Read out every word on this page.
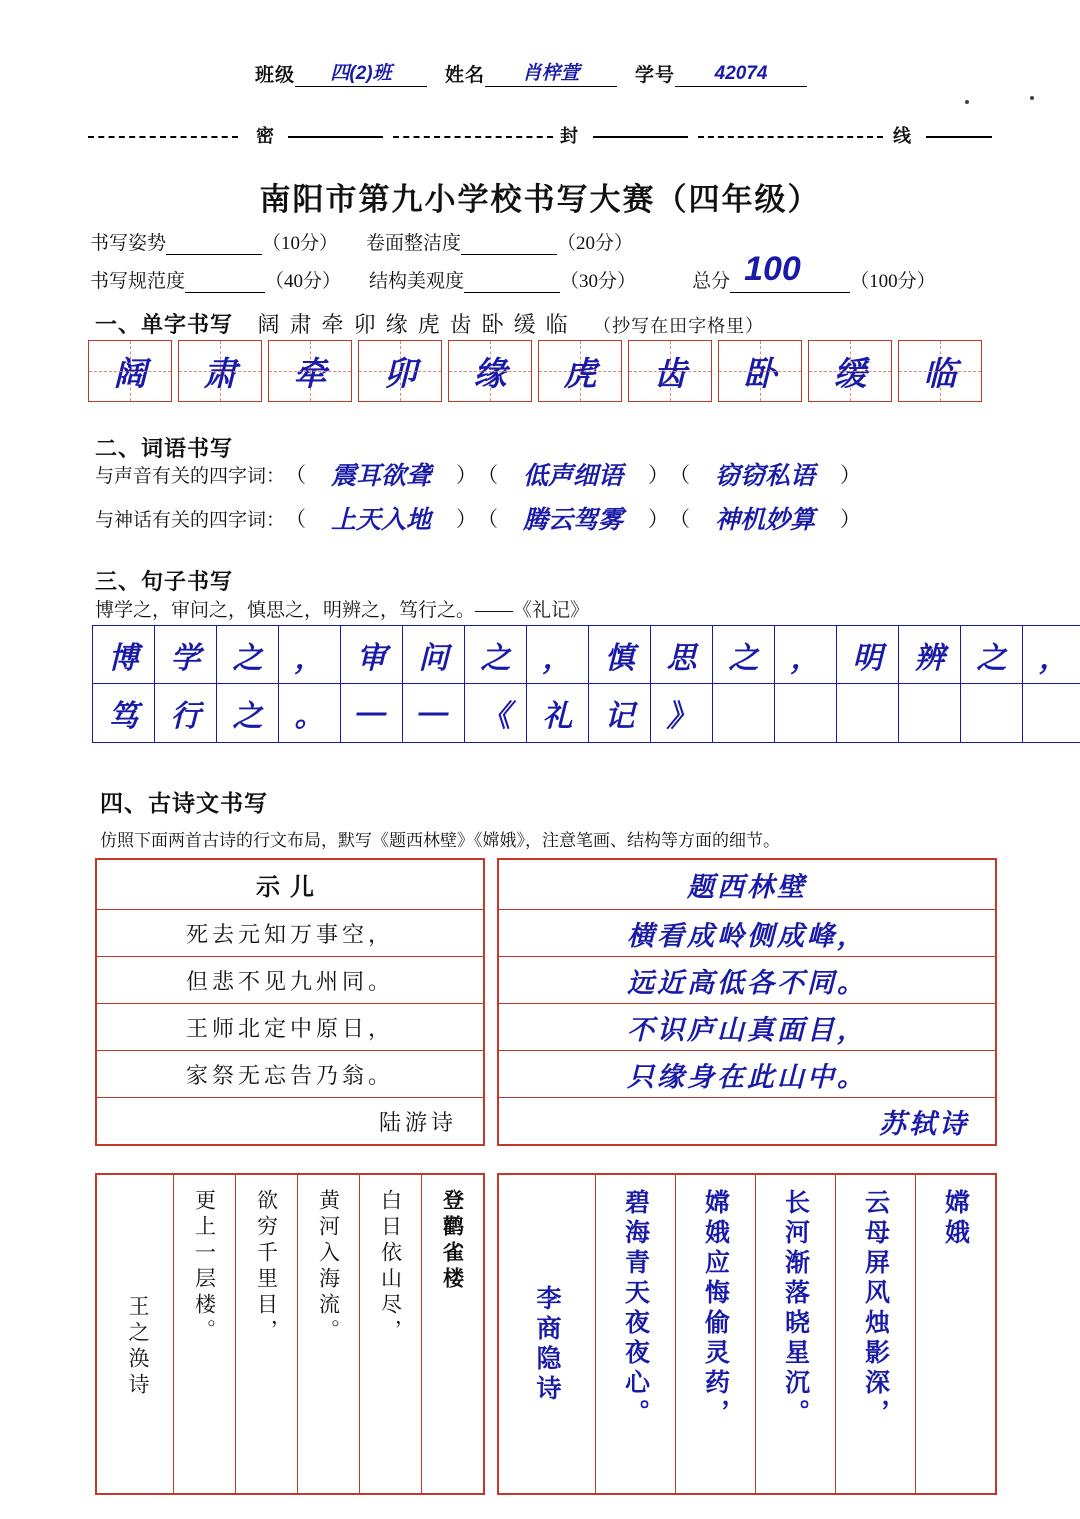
班级	四(2)班	姓名	肖梓萱	学号	42074
密	封	线
南阳市第九小学校书写大赛（四年级）
书写姿势	（10分） 卷面整洁度	（20分）
书写规范度	（40分） 结构美观度	（30分）	总分 100	（100分）
一、单字书写 阔肃牵卯缘虎齿卧缓临 （抄写在田字格里）
阔	肃	牵	卯	缘	虎	齿	卧	缓	临
二、词语书写
与声音有关的四字词： （ 震耳欲聋	） （ 低声细语	） （ 窃窃私语	）
与神话有关的四字词： （ 上天入地	） （ 腾云驾雾	） （ 神机妙算	）
三、句子书写
博学之，审问之，慎思之，明辨之，笃行之。——《礼记》
博	学	之	，	审	问	之	，	慎	思	之	，	明	辨	之	，
笃	行	之	。	—	—	《	礼	记	》
四、古诗文书写
仿照下面两首古诗的行文布局，默写《题西林壁》《嫦娥》，注意笔画、结构等方面的细节。
示儿
死去元知万事空，
但悲不见九州同。
王师北定中原日，
家祭无忘告乃翁。
陆游诗
题西林壁
横看成岭侧成峰，
远近高低各不同。
不识庐山真面目，
只缘身在此山中。
苏轼诗
登鹳雀楼
白日依山尽，
黄河入海流。
欲穷千里目，
更上一层楼。
王之涣诗
嫦娥
云母屏风烛影深，
长河渐落晓星沉。
嫦娥应悔偷灵药，
碧海青天夜夜心。
李商隐诗
